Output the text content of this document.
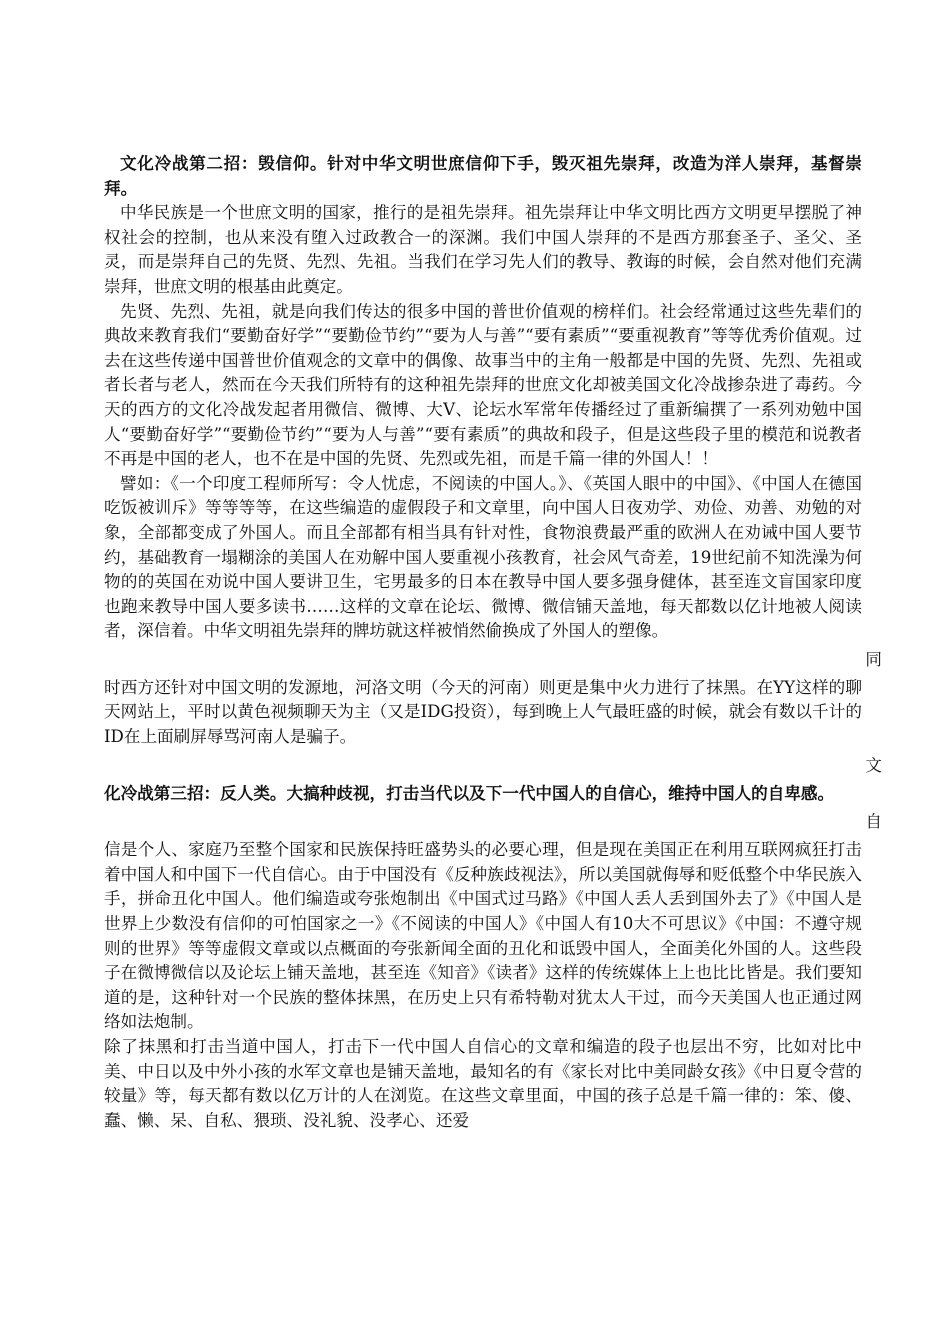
文化冷战第二招：毁信仰。针对中华文明世庶信仰下手，毁灭祖先崇拜，改造为洋人崇拜，基督崇拜。

中华民族是一个世庶文明的国家，推行的是祖先崇拜。祖先崇拜让中华文明比西方文明更早摆脱了神权社会的控制，也从来没有堕入过政教合一的深渊。我们中国人崇拜的不是西方那套圣子、圣父、圣灵，而是崇拜自己的先贤、先烈、先祖。当我们在学习先人们的教导、教诲的时候，会自然对他们充满崇拜，世庶文明的根基由此奠定。

先贤、先烈、先祖，就是向我们传达的很多中国的普世价值观的榜样们。社会经常通过这些先辈们的典故来教育我们“要勤奋好学”“要勤俭节约”“要为人与善”“要有素质”“要重视教育”等等优秀价值观。过去在这些传递中国普世价值观念的文章中的偶像、故事当中的主角一般都是中国的先贤、先烈、先祖或者长者与老人，然而在今天我们所特有的这种祖先崇拜的世庶文化却被美国文化冷战掺杂进了毒药。今天的西方的文化冷战发起者用微信、微博、大V、论坛水军常年传播经过了重新编撰了一系列劝勉中国人“要勤奋好学”“要勤俭节约”“要为人与善”“要有素质”的典故和段子，但是这些段子里的模范和说教者不再是中国的老人，也不在是中国的先贤、先烈或先祖，而是千篇一律的外国人！！

譬如：《一个印度工程师所写：令人忧虑，不阅读的中国人。》、《英国人眼中的中国》、《中国人在德国吃饭被训斥》等等等等，在这些编造的虚假段子和文章里，向中国人日夜劝学、劝俭、劝善、劝勉的对象，全部都变成了外国人。而且全部都有相当具有针对性，食物浪费最严重的欧洲人在劝诫中国人要节约，基础教育一塌糊涂的美国人在劝解中国人要重视小孩教育，社会风气奇差，19世纪前不知洗澡为何物的的英国在劝说中国人要讲卫生，宅男最多的日本在教导中国人要多强身健体，甚至连文盲国家印度也跑来教导中国人要多读书……这样的文章在论坛、微博、微信铺天盖地，每天都数以亿计地被人阅读者，深信着。中华文明祖先崇拜的牌坊就这样被悄然偷换成了外国人的塑像。

同

时西方还针对中国文明的发源地，河洛文明（今天的河南）则更是集中火力进行了抹黑。在YY这样的聊天网站上，平时以黄色视频聊天为主（又是IDG投资），每到晚上人气最旺盛的时候，就会有数以千计的ID在上面刷屏辱骂河南人是骗子。

文

化冷战第三招：反人类。大搞种歧视，打击当代以及下一代中国人的自信心，维持中国人的自卑感。

自

信是个人、家庭乃至整个国家和民族保持旺盛势头的必要心理，但是现在美国正在利用互联网疯狂打击着中国人和中国下一代自信心。由于中国没有《反种族歧视法》，所以美国就侮辱和贬低整个中华民族入手，拼命丑化中国人。他们编造或夸张炮制出《中国式过马路》《中国人丢人丢到国外去了》《中国人是世界上少数没有信仰的可怕国家之一》《不阅读的中国人》《中国人有10大不可思议》《中国：不遵守规则的世界》等等虚假文章或以点概面的夸张新闻全面的丑化和诋毁中国人，全面美化外国的人。这些段子在微博微信以及论坛上铺天盖地，甚至连《知音》《读者》这样的传统媒体上上也比比皆是。我们要知道的是，这种针对一个民族的整体抹黑，在历史上只有希特勒对犹太人干过，而今天美国人也正通过网络如法炮制。

除了抹黑和打击当道中国人，打击下一代中国人自信心的文章和编造的段子也层出不穷，比如对比中美、中日以及中外小孩的水军文章也是铺天盖地，最知名的有《家长对比中美同龄女孩》《中日夏令营的较量》等，每天都有数以亿万计的人在浏览。在这些文章里面，中国的孩子总是千篇一律的：笨、傻、蠢、懒、呆、自私、猥琐、没礼貌、没孝心、还爱
